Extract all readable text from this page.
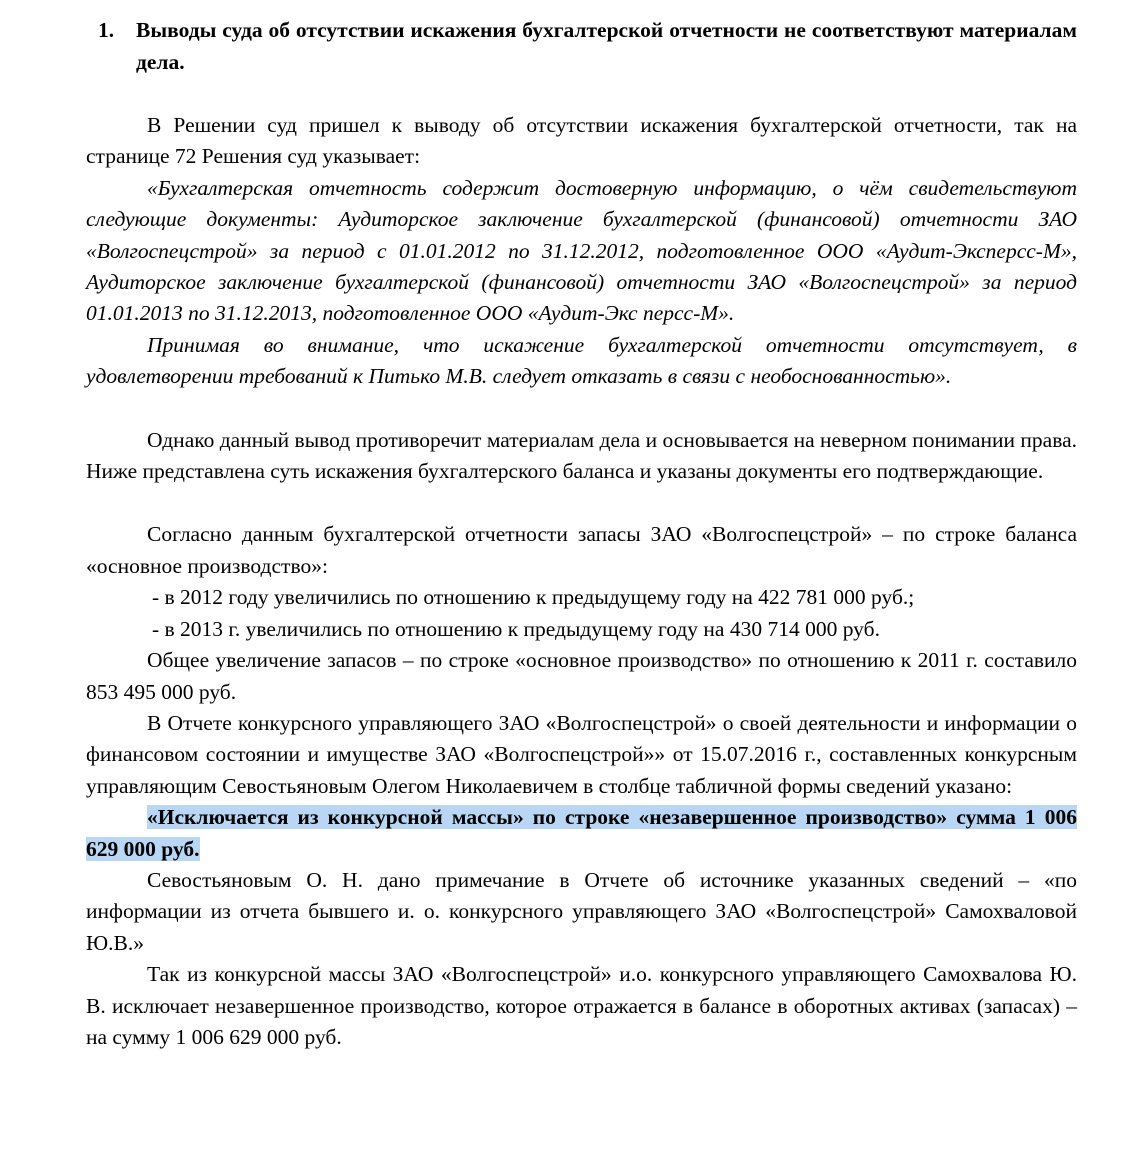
1.	Выводы суда об отсутствии искажения бухгалтерской отчетности не соответствуют материалам дела.

В Решении суд пришел к выводу об отсутствии искажения бухгалтерской отчетности, так на странице 72 Решения суд указывает:

«Бухгалтерская отчетность содержит достоверную информацию, о чём свидетельствуют следующие документы: Аудиторское заключение бухгалтерской (финансовой) отчетности ЗАО «Волгоспецстрой» за период с 01.01.2012 по 31.12.2012, подготовленное ООО «Аудит-Эксперсс-М», Аудиторское заключение бухгалтерской (финансовой) отчетности ЗАО «Волгоспецстрой» за период 01.01.2013 по 31.12.2013, подготовленное ООО «Аудит-Экс персс-М».

Принимая во внимание, что искажение бухгалтерской отчетности отсутствует, в удовлетворении требований к Питько М.В. следует отказать в связи с необоснованностью».

Однако данный вывод противоречит материалам дела и основывается на неверном понимании права. Ниже представлена суть искажения бухгалтерского баланса и указаны документы его подтверждающие.

Согласно данным бухгалтерской отчетности запасы ЗАО «Волгоспецстрой» – по строке баланса «основное производство»:

- в 2012 году увеличились по отношению к предыдущему году на 422 781 000 руб.;

- в 2013 г. увеличились по отношению к предыдущему году на 430 714 000 руб.

Общее увеличение запасов – по строке «основное производство» по отношению к 2011 г. составило 853 495 000 руб.

В Отчете конкурсного управляющего ЗАО «Волгоспецстрой» о своей деятельности и информации о финансовом состоянии и имуществе ЗАО «Волгоспецстрой»» от 15.07.2016 г., составленных конкурсным управляющим Севостьяновым Олегом Николаевичем в столбце табличной формы сведений указано:

«Исключается из конкурсной массы» по строке «незавершенное производство» сумма 1 006 629 000 руб.

Севостьяновым О. Н. дано примечание в Отчете об источнике указанных сведений – «по информации из отчета бывшего и. о. конкурсного управляющего ЗАО «Волгоспецстрой» Самохваловой Ю.В.»

Так из конкурсной массы ЗАО «Волгоспецстрой» и.о. конкурсного управляющего Самохвалова Ю. В. исключает незавершенное производство, которое отражается в балансе в оборотных активах (запасах) – на сумму 1 006 629 000 руб.
